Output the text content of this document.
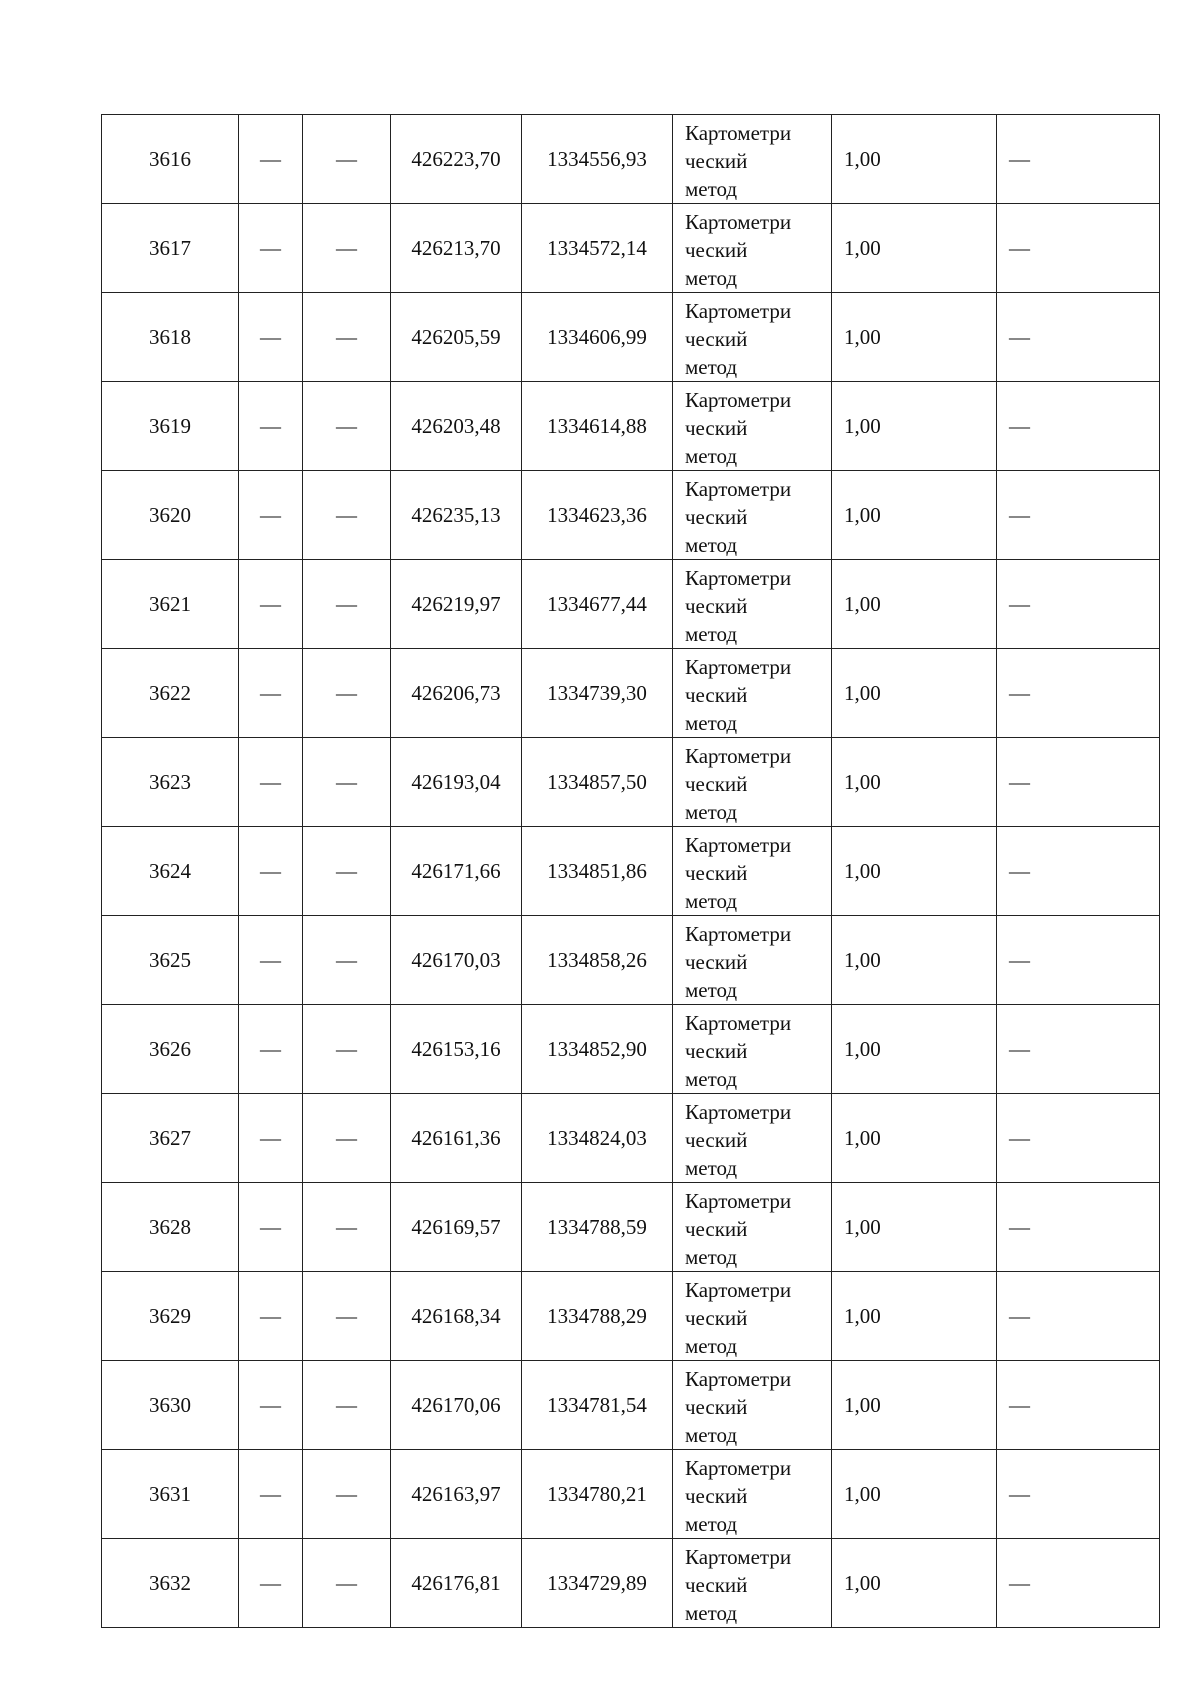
3616	—	—	426223,70	1334556,93	Картометри
ческий
метод	1,00	—
3617	—	—	426213,70	1334572,14	Картометри
ческий
метод	1,00	—
3618	—	—	426205,59	1334606,99	Картометри
ческий
метод	1,00	—
3619	—	—	426203,48	1334614,88	Картометри
ческий
метод	1,00	—
3620	—	—	426235,13	1334623,36	Картометри
ческий
метод	1,00	—
3621	—	—	426219,97	1334677,44	Картометри
ческий
метод	1,00	—
3622	—	—	426206,73	1334739,30	Картометри
ческий
метод	1,00	—
3623	—	—	426193,04	1334857,50	Картометри
ческий
метод	1,00	—
3624	—	—	426171,66	1334851,86	Картометри
ческий
метод	1,00	—
3625	—	—	426170,03	1334858,26	Картометри
ческий
метод	1,00	—
3626	—	—	426153,16	1334852,90	Картометри
ческий
метод	1,00	—
3627	—	—	426161,36	1334824,03	Картометри
ческий
метод	1,00	—
3628	—	—	426169,57	1334788,59	Картометри
ческий
метод	1,00	—
3629	—	—	426168,34	1334788,29	Картометри
ческий
метод	1,00	—
3630	—	—	426170,06	1334781,54	Картометри
ческий
метод	1,00	—
3631	—	—	426163,97	1334780,21	Картометри
ческий
метод	1,00	—
3632	—	—	426176,81	1334729,89	Картометри
ческий
метод	1,00	—
